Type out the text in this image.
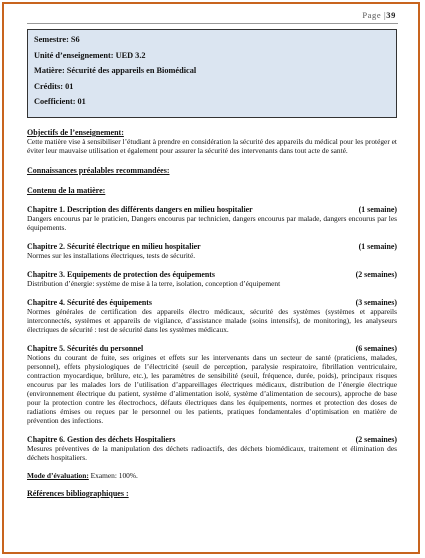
Page |39
Semestre: S6
Unité d’enseignement: UED 3.2
Matière: Sécurité des appareils en Biomédical
Crédits: 01
Coefficient: 01
Objectifs de l’enseignement:

Cette matière vise à sensibiliser l’étudiant à prendre en considération la sécurité des appareils du médical pour les protéger et éviter leur mauvaise utilisation et également pour assurer la sécurité des intervenants dans tout acte de santé.

Connaissances préalables recommandées:
Contenu de la matière:
Chapitre 1. Description des différents dangers en milieu hospitalier	(1 semaine)

Dangers encourus par le praticien, Dangers encourus par technicien, dangers encourus par malade, dangers encourus par les équipements.

Chapitre 2. Sécurité électrique en milieu hospitalier	(1 semaine)

Normes sur les installations électriques, tests de sécurité.

Chapitre 3. Equipements de protection des équipements	(2 semaines)

Distribution d’énergie: système de mise à la terre, isolation, conception d’équipement

Chapitre 4. Sécurité des équipements	(3 semaines)

Normes générales de certification des appareils électro médicaux, sécurité des systèmes (systèmes et appareils interconnectés, systèmes et appareils de vigilance, d’assistance malade (soins intensifs), de monitoring), les analyseurs électriques de sécurité : test de sécurité dans les systèmes médicaux.

Chapitre 5. Sécurités du personnel	(6 semaines)

Notions du courant de fuite, ses origines et effets sur les intervenants dans un secteur de santé (praticiens, malades, personnel), effets physiologiques de l’électricité (seuil de perception, paralysie respiratoire, fibrillation ventriculaire, contraction myocardique, brûlure, etc.), les paramètres de sensibilité (seuil, fréquence, durée, poids), principaux risques encourus par les malades lors de l’utilisation d’appareillages électriques médicaux, distribution de l’énergie électrique (environnement électrique du patient, système d’alimentation isolé, système d’alimentation de secours), approche de base pour la protection contre les électrochocs, défauts électriques dans les équipements, normes et protection des doses de radiations émises ou reçues par le personnel ou les patients, pratiques fondamentales d’optimisation en matière de prévention des infections.

Chapitre 6. Gestion des déchets Hospitaliers	(2 semaines)

Mesures préventives de la manipulation des déchets radioactifs, des déchets biomédicaux, traitement et élimination des déchets hospitaliers.

Mode d’évaluation: Examen: 100%.
Références bibliographiques :
